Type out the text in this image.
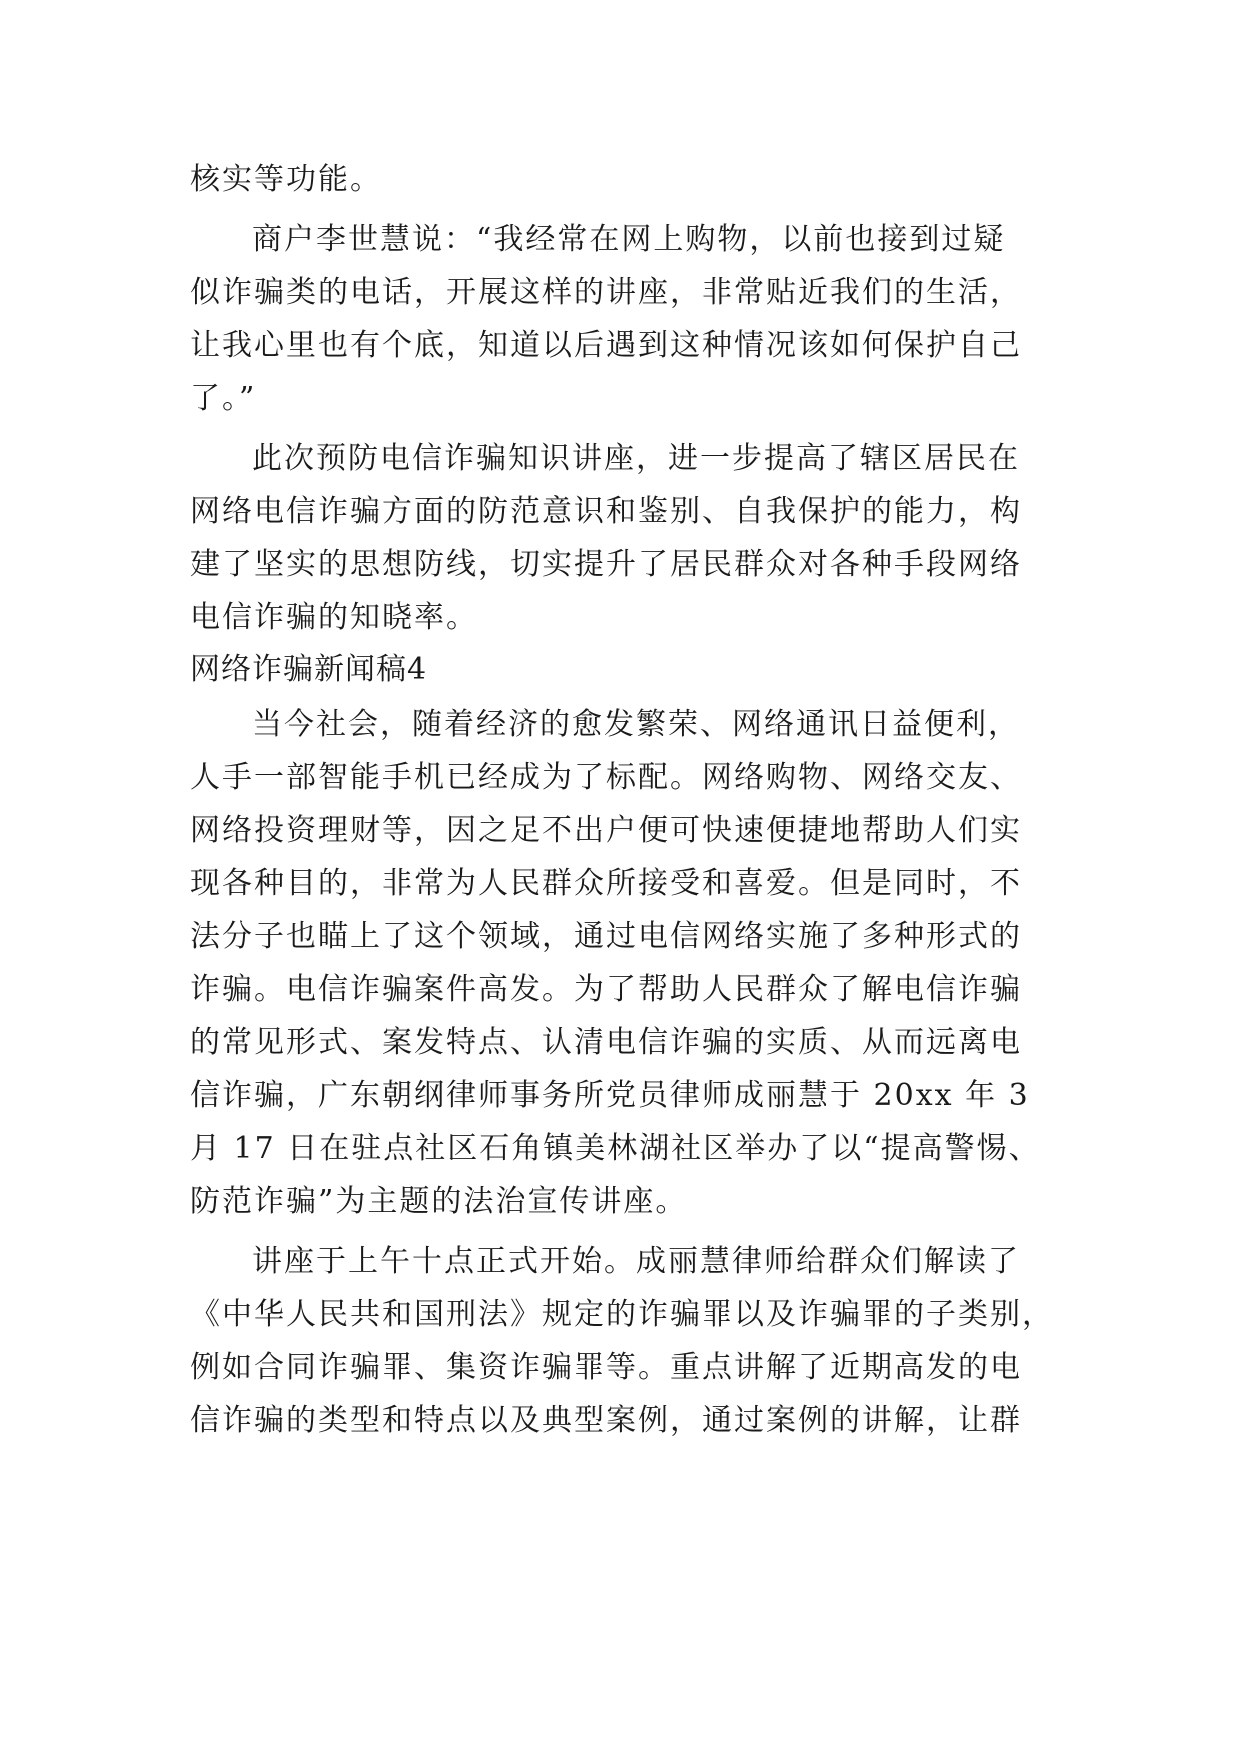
核实等功能。
商户李世慧说：“我经常在网上购物，以前也接到过疑
似诈骗类的电话，开展这样的讲座，非常贴近我们的生活，
让我心里也有个底，知道以后遇到这种情况该如何保护自己
了。”
此次预防电信诈骗知识讲座，进一步提高了辖区居民在
网络电信诈骗方面的防范意识和鉴别、自我保护的能力，构
建了坚实的思想防线，切实提升了居民群众对各种手段网络
电信诈骗的知晓率。
网络诈骗新闻稿4
当今社会，随着经济的愈发繁荣、网络通讯日益便利，
人手一部智能手机已经成为了标配。网络购物、网络交友、
网络投资理财等，因之足不出户便可快速便捷地帮助人们实
现各种目的，非常为人民群众所接受和喜爱。但是同时，不
法分子也瞄上了这个领域，通过电信网络实施了多种形式的
诈骗。电信诈骗案件高发。为了帮助人民群众了解电信诈骗
的常见形式、案发特点、认清电信诈骗的实质、从而远离电
信诈骗，广东朝纲律师事务所党员律师成丽慧于 20xx 年 3
月 17 日在驻点社区石角镇美林湖社区举办了以“提高警惕、
防范诈骗”为主题的法治宣传讲座。
讲座于上午十点正式开始。成丽慧律师给群众们解读了
《中华人民共和国刑法》规定的诈骗罪以及诈骗罪的子类别，
例如合同诈骗罪、集资诈骗罪等。重点讲解了近期高发的电
信诈骗的类型和特点以及典型案例，通过案例的讲解，让群
